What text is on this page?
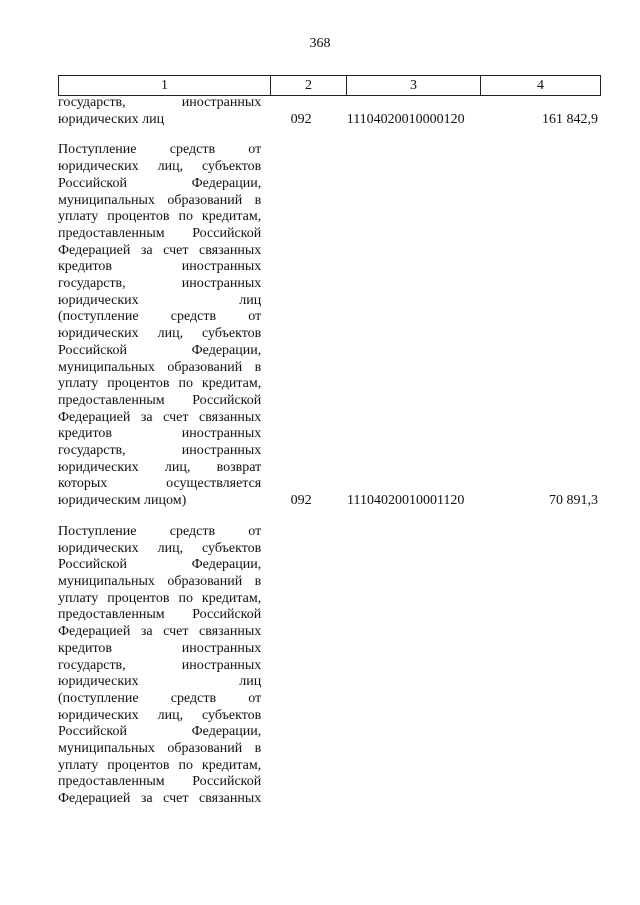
368
1	2	3	4
государств, иностранных
юридических лиц	092	11104020010000120	161 842,9
Поступление средств от
юридических лиц, субъектов
Российской Федерации,
муниципальных образований в
уплату процентов по кредитам,
предоставленным Российской
Федерацией за счет связанных
кредитов иностранных
государств, иностранных
юридических лиц
(поступление средств от
юридических лиц, субъектов
Российской Федерации,
муниципальных образований в
уплату процентов по кредитам,
предоставленным Российской
Федерацией за счет связанных
кредитов иностранных
государств, иностранных
юридических лиц, возврат
которых осуществляется
юридическим лицом)	092	11104020010001120	70 891,3
Поступление средств от
юридических лиц, субъектов
Российской Федерации,
муниципальных образований в
уплату процентов по кредитам,
предоставленным Российской
Федерацией за счет связанных
кредитов иностранных
государств, иностранных
юридических лиц
(поступление средств от
юридических лиц, субъектов
Российской Федерации,
муниципальных образований в
уплату процентов по кредитам,
предоставленным Российской
Федерацией за счет связанных
